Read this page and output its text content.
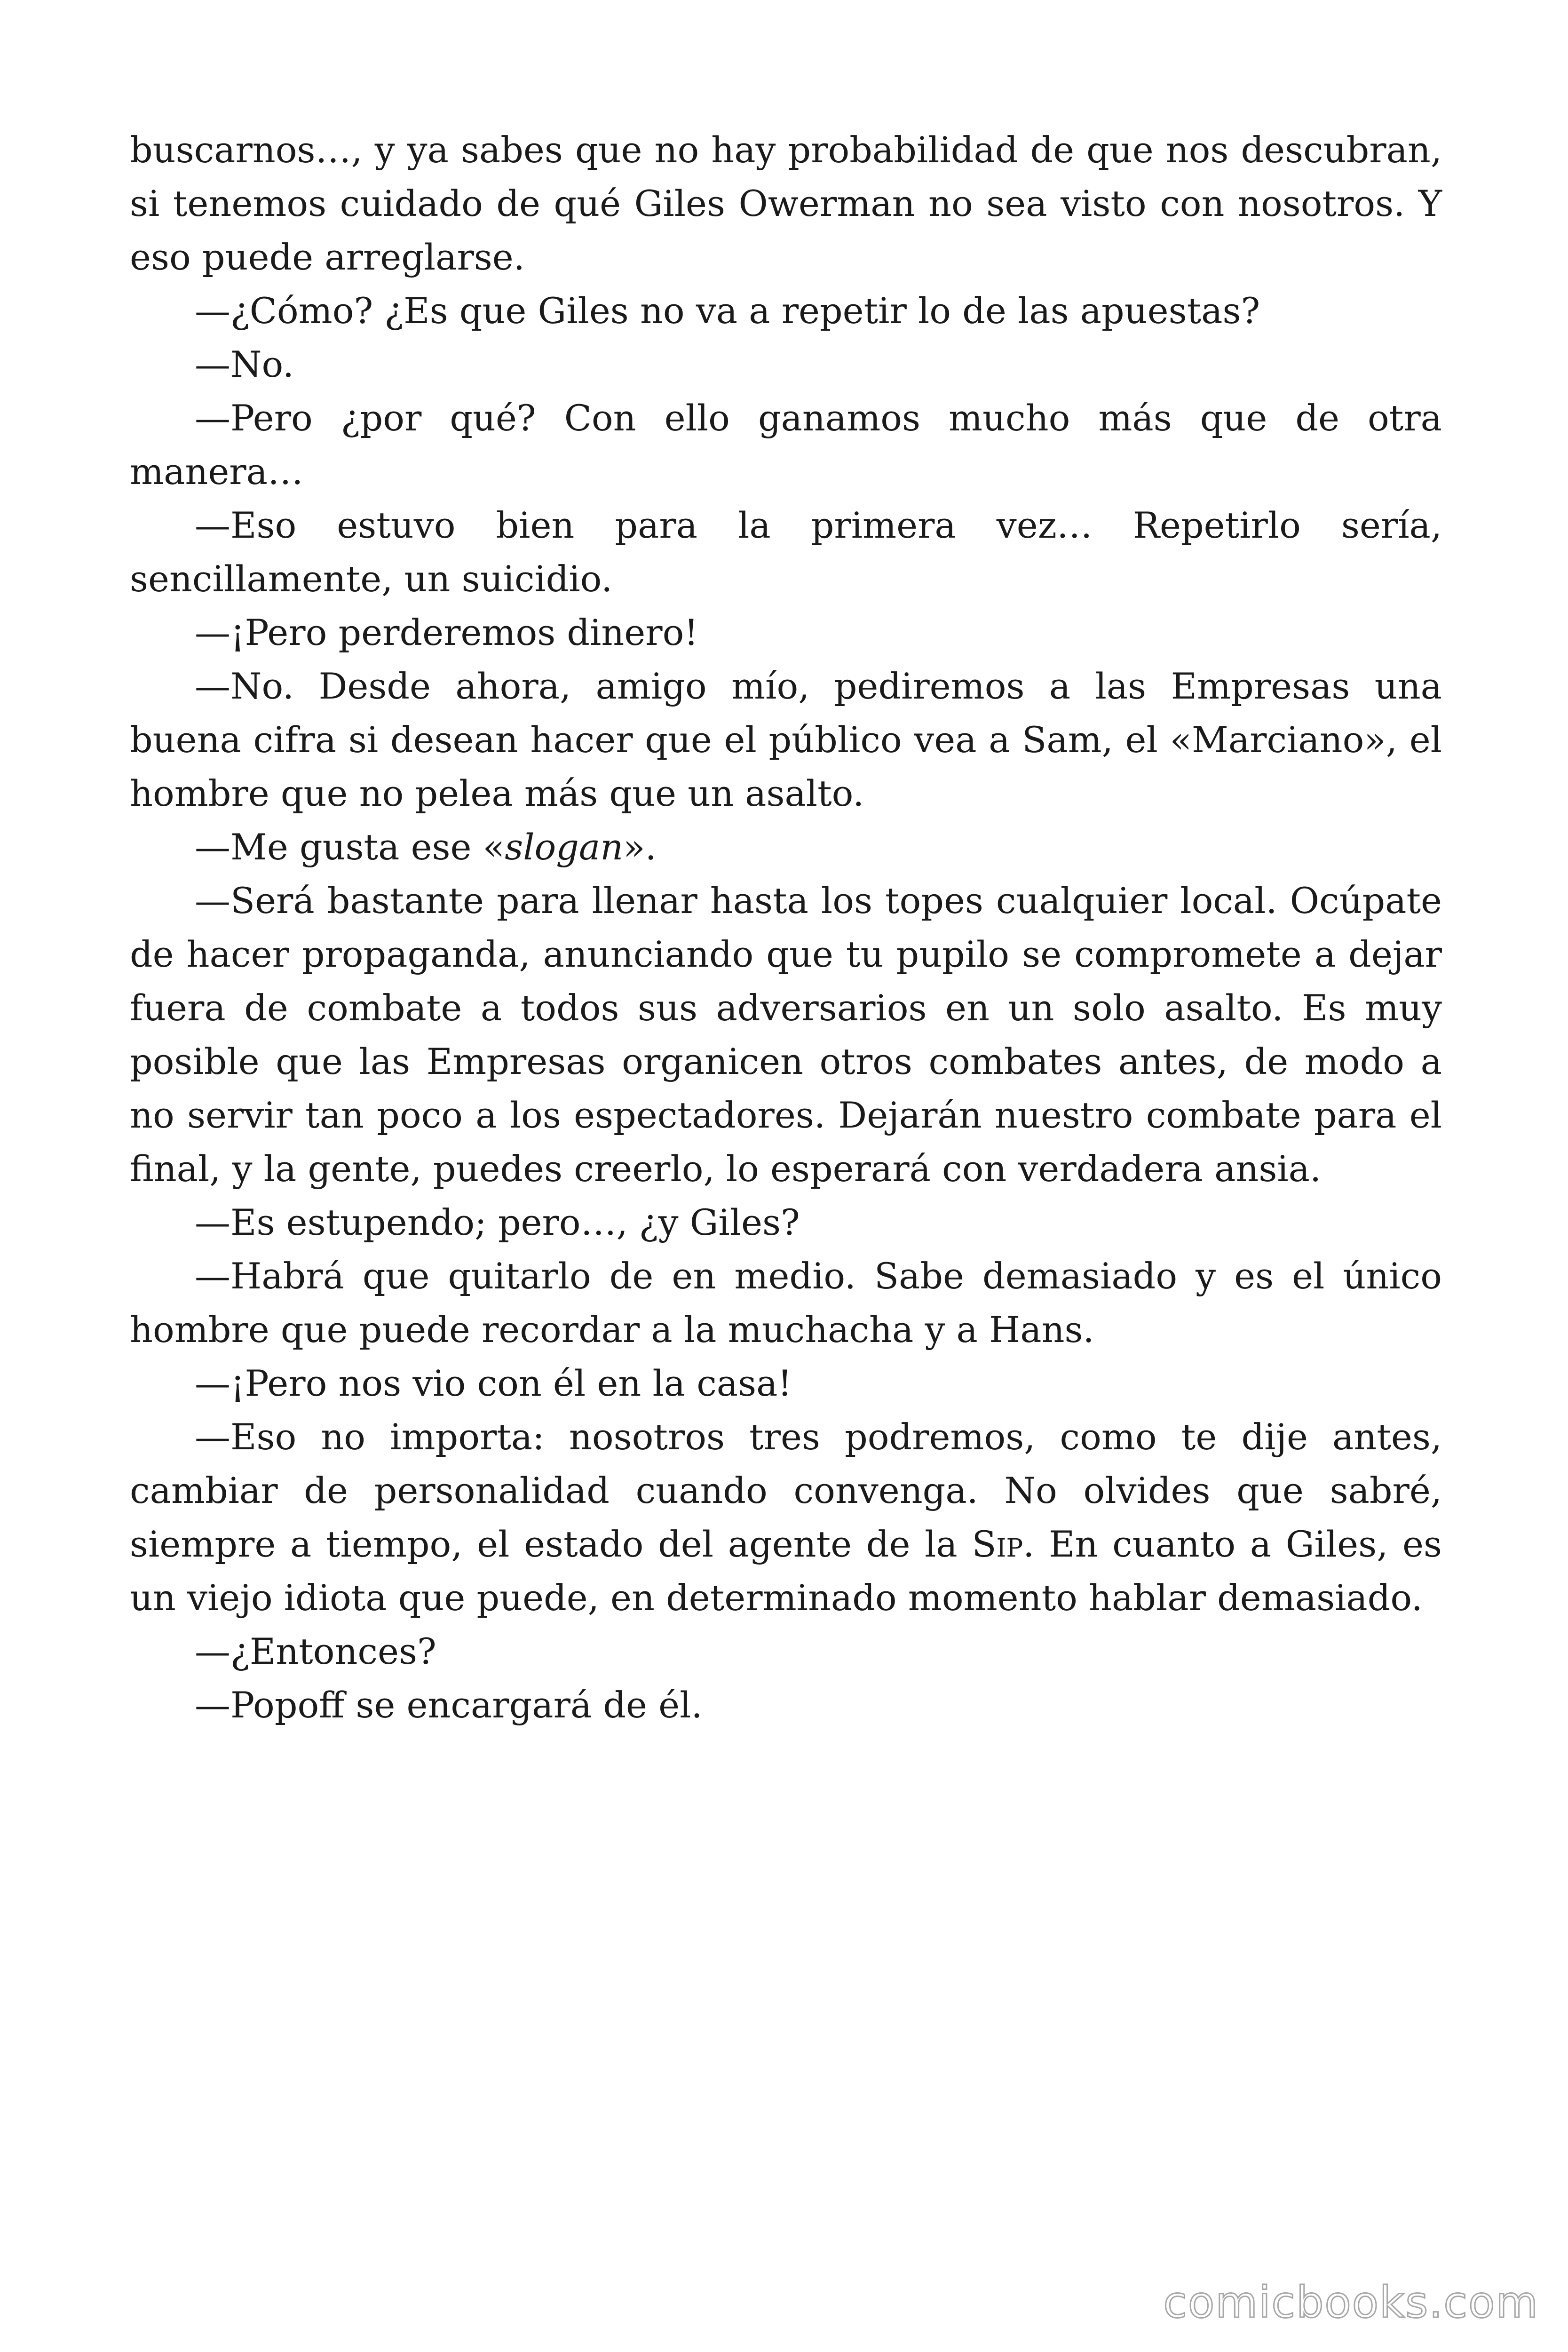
buscarnos…, y ya sabes que no hay probabilidad de que nos descubran, si tenemos cuidado de qué Giles Owerman no sea visto con nosotros. Y eso puede arreglarse.

—¿Cómo? ¿Es que Giles no va a repetir lo de las apuestas?

—No.

—Pero ¿por qué? Con ello ganamos mucho más que de otra manera…

—Eso estuvo bien para la primera vez… Repetirlo sería, sencillamente, un suicidio.

—¡Pero perderemos dinero!

—No. Desde ahora, amigo mío, pediremos a las Empresas una buena cifra si desean hacer que el público vea a Sam, el «Marciano», el hombre que no pelea más que un asalto.

—Me gusta ese «slogan».

—Será bastante para llenar hasta los topes cualquier local. Ocúpate de hacer propaganda, anunciando que tu pupilo se compromete a dejar fuera de combate a todos sus adversarios en un solo asalto. Es muy posible que las Empresas organicen otros combates antes, de modo a no servir tan poco a los espectadores. Dejarán nuestro combate para el final, y la gente, puedes creerlo, lo esperará con verdadera ansia.

—Es estupendo; pero…, ¿y Giles?

—Habrá que quitarlo de en medio. Sabe demasiado y es el único hombre que puede recordar a la muchacha y a Hans.

—¡Pero nos vio con él en la casa!

—Eso no importa: nosotros tres podremos, como te dije antes, cambiar de personalidad cuando convenga. No olvides que sabré, siempre a tiempo, el estado del agente de la Sip. En cuanto a Giles, es un viejo idiota que puede, en determinado momento hablar demasiado.

—¿Entonces?

—Popoff se encargará de él.

comicbooks.com
